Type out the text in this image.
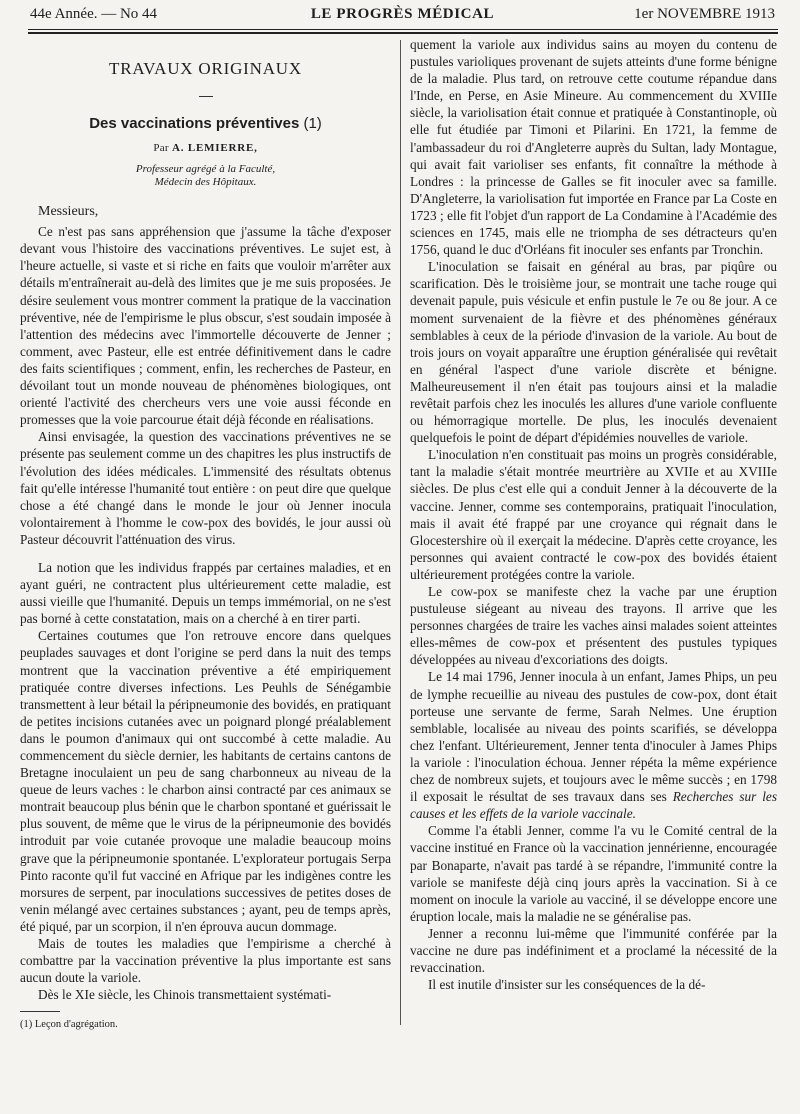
44e Année. — No 44	LE PROGRÈS MÉDICAL	1er NOVEMBRE 1913
TRAVAUX ORIGINAUX
Des vaccinations préventives (1)
Par A. LEMIERRE,
Professeur agrégé à la Faculté,
Médecin des Hôpitaux.
Messieurs,

Ce n'est pas sans appréhension que j'assume la tâche d'exposer devant vous l'histoire des vaccinations préventives. Le sujet est, à l'heure actuelle, si vaste et si riche en faits que vouloir m'arrêter aux détails m'entraînerait au-delà des limites que je me suis proposées. Je désire seulement vous montrer comment la pratique de la vaccination préventive, née de l'empirisme le plus obscur, s'est soudain imposée à l'attention des médecins avec l'immortelle découverte de Jenner ; comment, avec Pasteur, elle est entrée définitivement dans le cadre des faits scientifiques ; comment, enfin, les recherches de Pasteur, en dévoilant tout un monde nouveau de phénomènes biologiques, ont orienté l'activité des chercheurs vers une voie aussi féconde en promesses que la voie parcourue était déjà féconde en réalisations.

Ainsi envisagée, la question des vaccinations préventives ne se présente pas seulement comme un des chapitres les plus instructifs de l'évolution des idées médicales. L'immensité des résultats obtenus fait qu'elle intéresse l'humanité tout entière : on peut dire que quelque chose a été changé dans le monde le jour où Jenner inocula volontairement à l'homme le cow-pox des bovidés, le jour aussi où Pasteur découvrit l'atténuation des virus.

La notion que les individus frappés par certaines maladies, et en ayant guéri, ne contractent plus ultérieurement cette maladie, est aussi vieille que l'humanité. Depuis un temps immémorial, on ne s'est pas borné à cette constatation, mais on a cherché à en tirer parti.

Certaines coutumes que l'on retrouve encore dans quelques peuplades sauvages et dont l'origine se perd dans la nuit des temps montrent que la vaccination préventive a été empiriquement pratiquée contre diverses infections. Les Peuhls de Sénégambie transmettent à leur bétail la péripneumonie des bovidés, en pratiquant de petites incisions cutanées avec un poignard plongé préalablement dans le poumon d'animaux qui ont succombé à cette maladie. Au commencement du siècle dernier, les habitants de certains cantons de Bretagne inoculaient un peu de sang charbonneux au niveau de la queue de leurs vaches : le charbon ainsi contracté par ces animaux se montrait beaucoup plus bénin que le charbon spontané et guérissait le plus souvent, de même que le virus de la péripneumonie des bovidés introduit par voie cutanée provoque une maladie beaucoup moins grave que la péripneumonie spontanée. L'explorateur portugais Serpa Pinto raconte qu'il fut vacciné en Afrique par les indigènes contre les morsures de serpent, par inoculations successives de petites doses de venin mélangé avec certaines substances ; ayant, peu de temps après, été piqué, par un scorpion, il n'en éprouva aucun dommage.

Mais de toutes les maladies que l'empirisme a cherché à combattre par la vaccination préventive la plus importante est sans aucun doute la variole.

Dès le XIe siècle, les Chinois transmettaient systémati-

(1) Leçon d'agrégation.

quement la variole aux individus sains au moyen du contenu de pustules varioliques provenant de sujets atteints d'une forme bénigne de la maladie. Plus tard, on retrouve cette coutume répandue dans l'Inde, en Perse, en Asie Mineure. Au commencement du XVIIIe siècle, la variolisation était connue et pratiquée à Constantinople, où elle fut étudiée par Timoni et Pilarini. En 1721, la femme de l'ambassadeur du roi d'Angleterre auprès du Sultan, lady Montague, qui avait fait varioliser ses enfants, fit connaître la méthode à Londres : la princesse de Galles se fit inoculer avec sa famille. D'Angleterre, la variolisation fut importée en France par La Coste en 1723 ; elle fit l'objet d'un rapport de La Condamine à l'Académie des sciences en 1745, mais elle ne triompha de ses détracteurs qu'en 1756, quand le duc d'Orléans fit inoculer ses enfants par Tronchin.

L'inoculation se faisait en général au bras, par piqûre ou scarification. Dès le troisième jour, se montrait une tache rouge qui devenait papule, puis vésicule et enfin pustule le 7e ou 8e jour. A ce moment survenaient de la fièvre et des phénomènes généraux semblables à ceux de la période d'invasion de la variole. Au bout de trois jours on voyait apparaître une éruption généralisée qui revêtait en général l'aspect d'une variole discrète et bénigne. Malheureusement il n'en était pas toujours ainsi et la maladie revêtait parfois chez les inoculés les allures d'une variole confluente ou hémorragique mortelle. De plus, les inoculés devenaient quelquefois le point de départ d'épidémies nouvelles de variole.

L'inoculation n'en constituait pas moins un progrès considérable, tant la maladie s'était montrée meurtrière au XVIIe et au XVIIIe siècles. De plus c'est elle qui a conduit Jenner à la découverte de la vaccine. Jenner, comme ses contemporains, pratiquait l'inoculation, mais il avait été frappé par une croyance qui régnait dans le Glocestershire où il exerçait la médecine. D'après cette croyance, les personnes qui avaient contracté le cow-pox des bovidés étaient ultérieurement protégées contre la variole.

Le cow-pox se manifeste chez la vache par une éruption pustuleuse siégeant au niveau des trayons. Il arrive que les personnes chargées de traire les vaches ainsi malades soient atteintes elles-mêmes de cow-pox et présentent des pustules typiques développées au niveau d'excoriations des doigts.

Le 14 mai 1796, Jenner inocula à un enfant, James Phips, un peu de lymphe recueillie au niveau des pustules de cow-pox, dont était porteuse une servante de ferme, Sarah Nelmes. Une éruption semblable, localisée au niveau des points scarifiés, se développa chez l'enfant. Ultérieurement, Jenner tenta d'inoculer à James Phips la variole : l'inoculation échoua. Jenner répéta la même expérience chez de nombreux sujets, et toujours avec le même succès ; en 1798 il exposait le résultat de ses travaux dans ses Recherches sur les causes et les effets de la variole vaccinale.

Comme l'a établi Jenner, comme l'a vu le Comité central de la vaccine institué en France où la vaccination jennérienne, encouragée par Bonaparte, n'avait pas tardé à se répandre, l'immunité contre la variole se manifeste déjà cinq jours après la vaccination. Si à ce moment on inocule la variole au vacciné, il se développe encore une éruption locale, mais la maladie ne se généralise pas.

Jenner a reconnu lui-même que l'immunité conférée par la vaccine ne dure pas indéfiniment et a proclamé la nécessité de la revaccination.

Il est inutile d'insister sur les conséquences de la dé-
